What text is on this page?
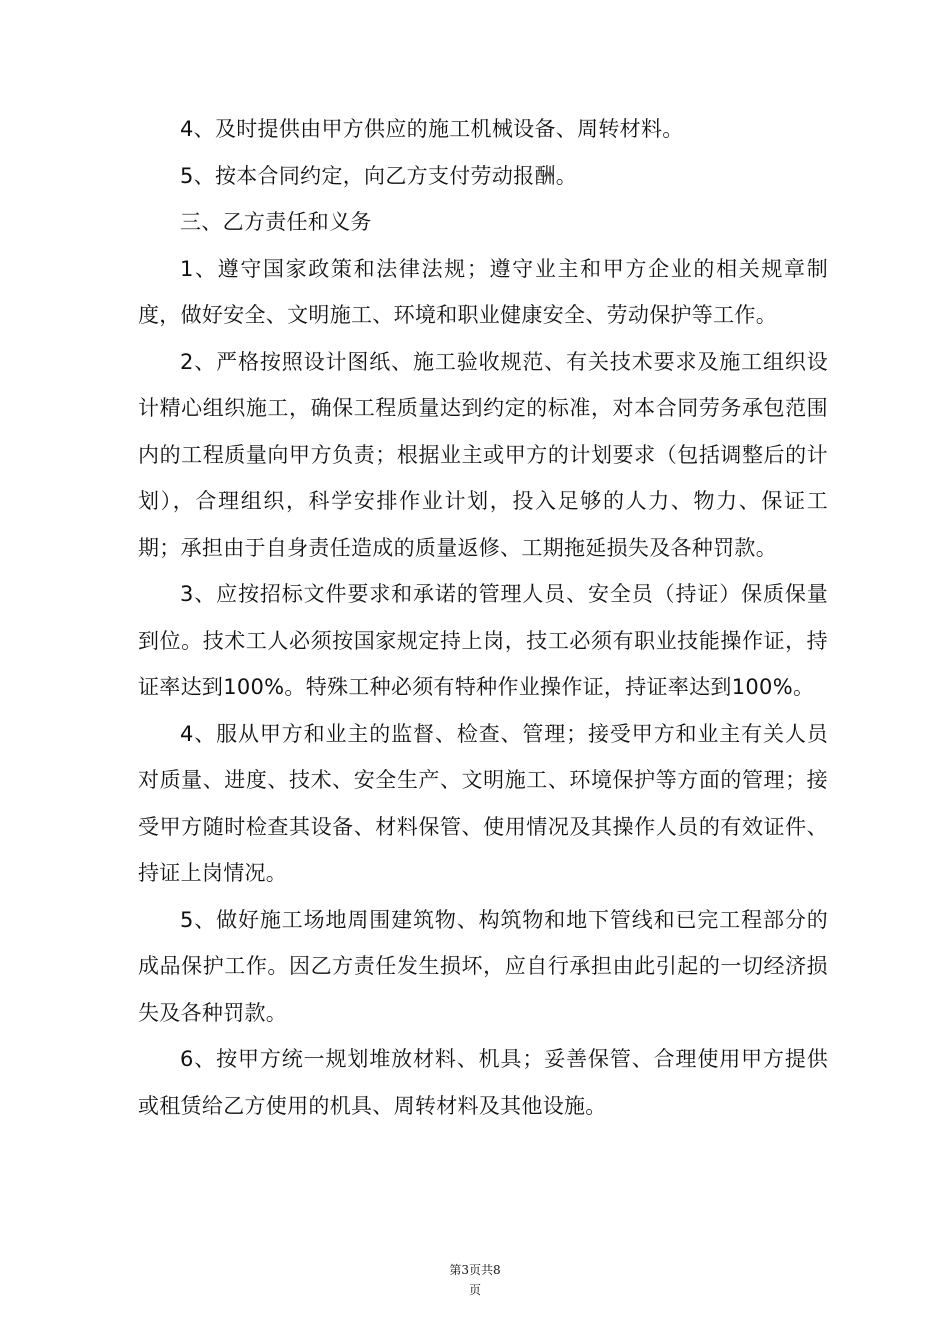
4、及时提供由甲方供应的施工机械设备、周转材料。

5、按本合同约定，向乙方支付劳动报酬。

三、乙方责任和义务

1、遵守国家政策和法律法规；遵守业主和甲方企业的相关规章制度，做好安全、文明施工、环境和职业健康安全、劳动保护等工作。

2、严格按照设计图纸、施工验收规范、有关技术要求及施工组织设计精心组织施工，确保工程质量达到约定的标准，对本合同劳务承包范围内的工程质量向甲方负责；根据业主或甲方的计划要求（包括调整后的计划），合理组织，科学安排作业计划，投入足够的人力、物力、保证工期；承担由于自身责任造成的质量返修、工期拖延损失及各种罚款。

3、应按招标文件要求和承诺的管理人员、安全员（持证）保质保量到位。技术工人必须按国家规定持上岗，技工必须有职业技能操作证，持证率达到100%。特殊工种必须有特种作业操作证，持证率达到100%。

4、服从甲方和业主的监督、检查、管理；接受甲方和业主有关人员对质量、进度、技术、安全生产、文明施工、环境保护等方面的管理；接受甲方随时检查其设备、材料保管、使用情况及其操作人员的有效证件、持证上岗情况。

5、做好施工场地周围建筑物、构筑物和地下管线和已完工程部分的成品保护工作。因乙方责任发生损坏，应自行承担由此引起的一切经济损失及各种罚款。

6、按甲方统一规划堆放材料、机具；妥善保管、合理使用甲方提供或租赁给乙方使用的机具、周转材料及其他设施。

第3页共8
页
